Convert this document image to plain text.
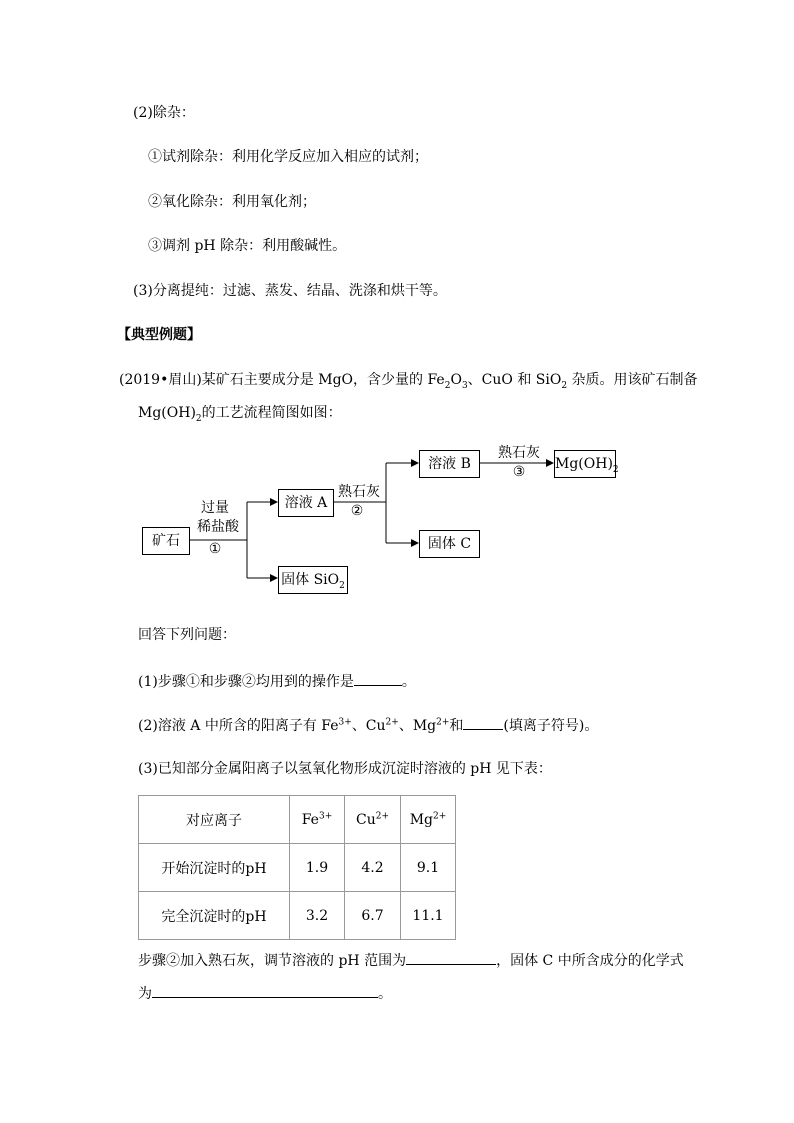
(2)除杂：
①试剂除杂：利用化学反应加入相应的试剂；
②氧化除杂：利用氧化剂；
③调剂 pH 除杂：利用酸碱性。
(3)分离提纯：过滤、蒸发、结晶、洗涤和烘干等。
【典型例题】
(2019•眉山)某矿石主要成分是 MgO，含少量的 $Fe_2O_3$、CuO 和 SiO$_2$ 杂质。用该矿石制备
$Mg(OH)_2$的工艺流程简图如图：
矿石
过量
稀盐酸
①
溶液 A
固体 SiO$_2$
熟石灰
②
溶液 B
固体 C
熟石灰
③	$Mg(OH)_2$
回答下列问题：
(1)步骤①和步骤②均用到的操作是	。
(2)溶液 A 中所含的阳离子有 $Fe^{3+}$、$Cu^{2+}$、$Mg^{2+}$和	(填离子符号)。
(3)已知部分金属阳离子以氢氧化物形成沉淀时溶液的 pH 见下表：
对应离子	$Fe^{3+}$	$Cu^{2+}$	$Mg^{2+}$
开始沉淀时的pH	1.9	4.2	9.1
完全沉淀时的pH	3.2	6.7	11.1
步骤②加入熟石灰，调节溶液的 pH 范围为	，固体 C 中所含成分的化学式
为	。
